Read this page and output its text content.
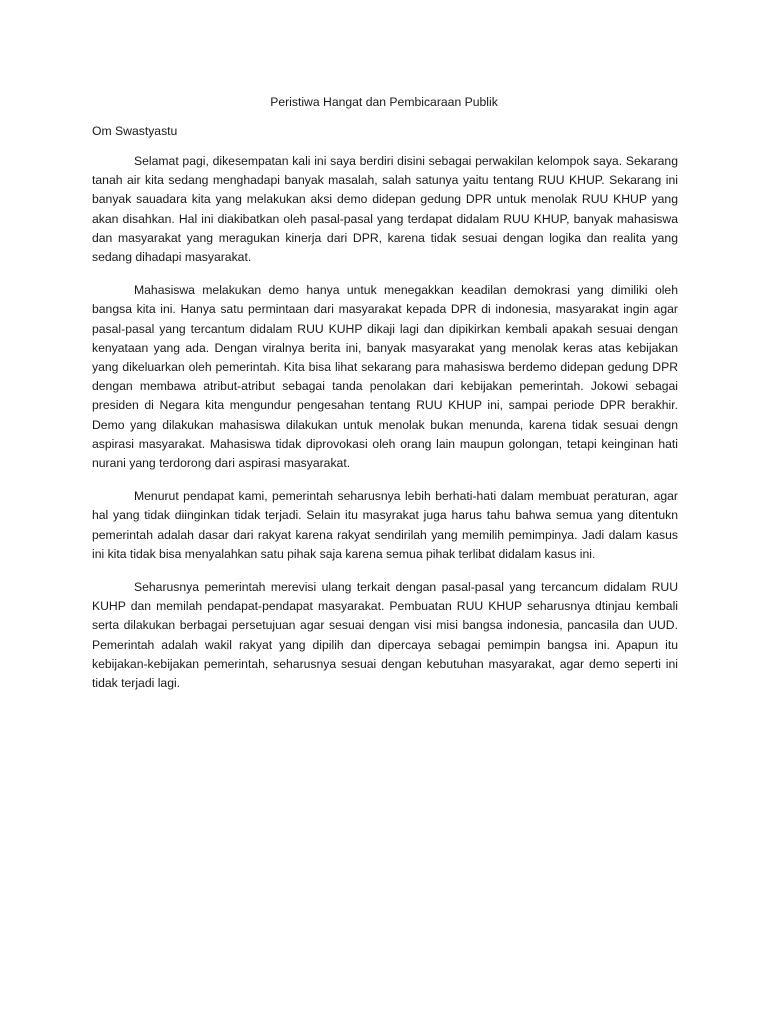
Peristiwa Hangat dan Pembicaraan Publik

Om Swastyastu

Selamat pagi, dikesempatan kali ini saya berdiri disini sebagai perwakilan kelompok saya. Sekarang tanah air kita sedang menghadapi banyak masalah, salah satunya yaitu tentang RUU KHUP. Sekarang ini banyak sauadara kita yang melakukan aksi demo didepan gedung DPR untuk menolak RUU KHUP yang akan disahkan. Hal ini diakibatkan oleh pasal-pasal yang terdapat didalam RUU KHUP, banyak mahasiswa dan masyarakat yang meragukan kinerja dari DPR, karena tidak sesuai dengan logika dan realita yang sedang dihadapi masyarakat.

Mahasiswa melakukan demo hanya untuk menegakkan keadilan demokrasi yang dimiliki oleh bangsa kita ini. Hanya satu permintaan dari masyarakat kepada DPR di indonesia, masyarakat ingin agar pasal-pasal yang tercantum didalam RUU KUHP dikaji lagi dan dipikirkan kembali apakah sesuai dengan kenyataan yang ada. Dengan viralnya berita ini, banyak masyarakat yang menolak keras atas kebijakan yang dikeluarkan oleh pemerintah. Kita bisa lihat sekarang para mahasiswa berdemo didepan gedung DPR dengan membawa atribut-atribut sebagai tanda penolakan dari kebijakan pemerintah. Jokowi sebagai presiden di Negara kita mengundur pengesahan tentang RUU KHUP ini, sampai periode DPR berakhir. Demo yang dilakukan mahasiswa dilakukan untuk menolak bukan menunda, karena tidak sesuai dengn aspirasi masyarakat. Mahasiswa tidak diprovokasi oleh orang lain maupun golongan, tetapi keinginan hati nurani yang terdorong dari aspirasi masyarakat.

Menurut pendapat kami, pemerintah seharusnya lebih berhati-hati dalam membuat peraturan, agar hal yang tidak diinginkan tidak terjadi. Selain itu masyrakat juga harus tahu bahwa semua yang ditentukn pemerintah adalah dasar dari rakyat karena rakyat sendirilah yang memilih pemimpinya. Jadi dalam kasus ini kita tidak bisa menyalahkan satu pihak saja karena semua pihak terlibat didalam kasus ini.

Seharusnya pemerintah merevisi ulang terkait dengan pasal-pasal yang tercancum didalam RUU KUHP dan memilah pendapat-pendapat masyarakat. Pembuatan RUU KHUP seharusnya dtinjau kembali serta dilakukan berbagai persetujuan agar sesuai dengan visi misi bangsa indonesia, pancasila dan UUD. Pemerintah adalah wakil rakyat yang dipilih dan dipercaya sebagai pemimpin bangsa ini. Apapun itu kebijakan-kebijakan pemerintah, seharusnya sesuai dengan kebutuhan masyarakat, agar demo seperti ini tidak terjadi lagi.
